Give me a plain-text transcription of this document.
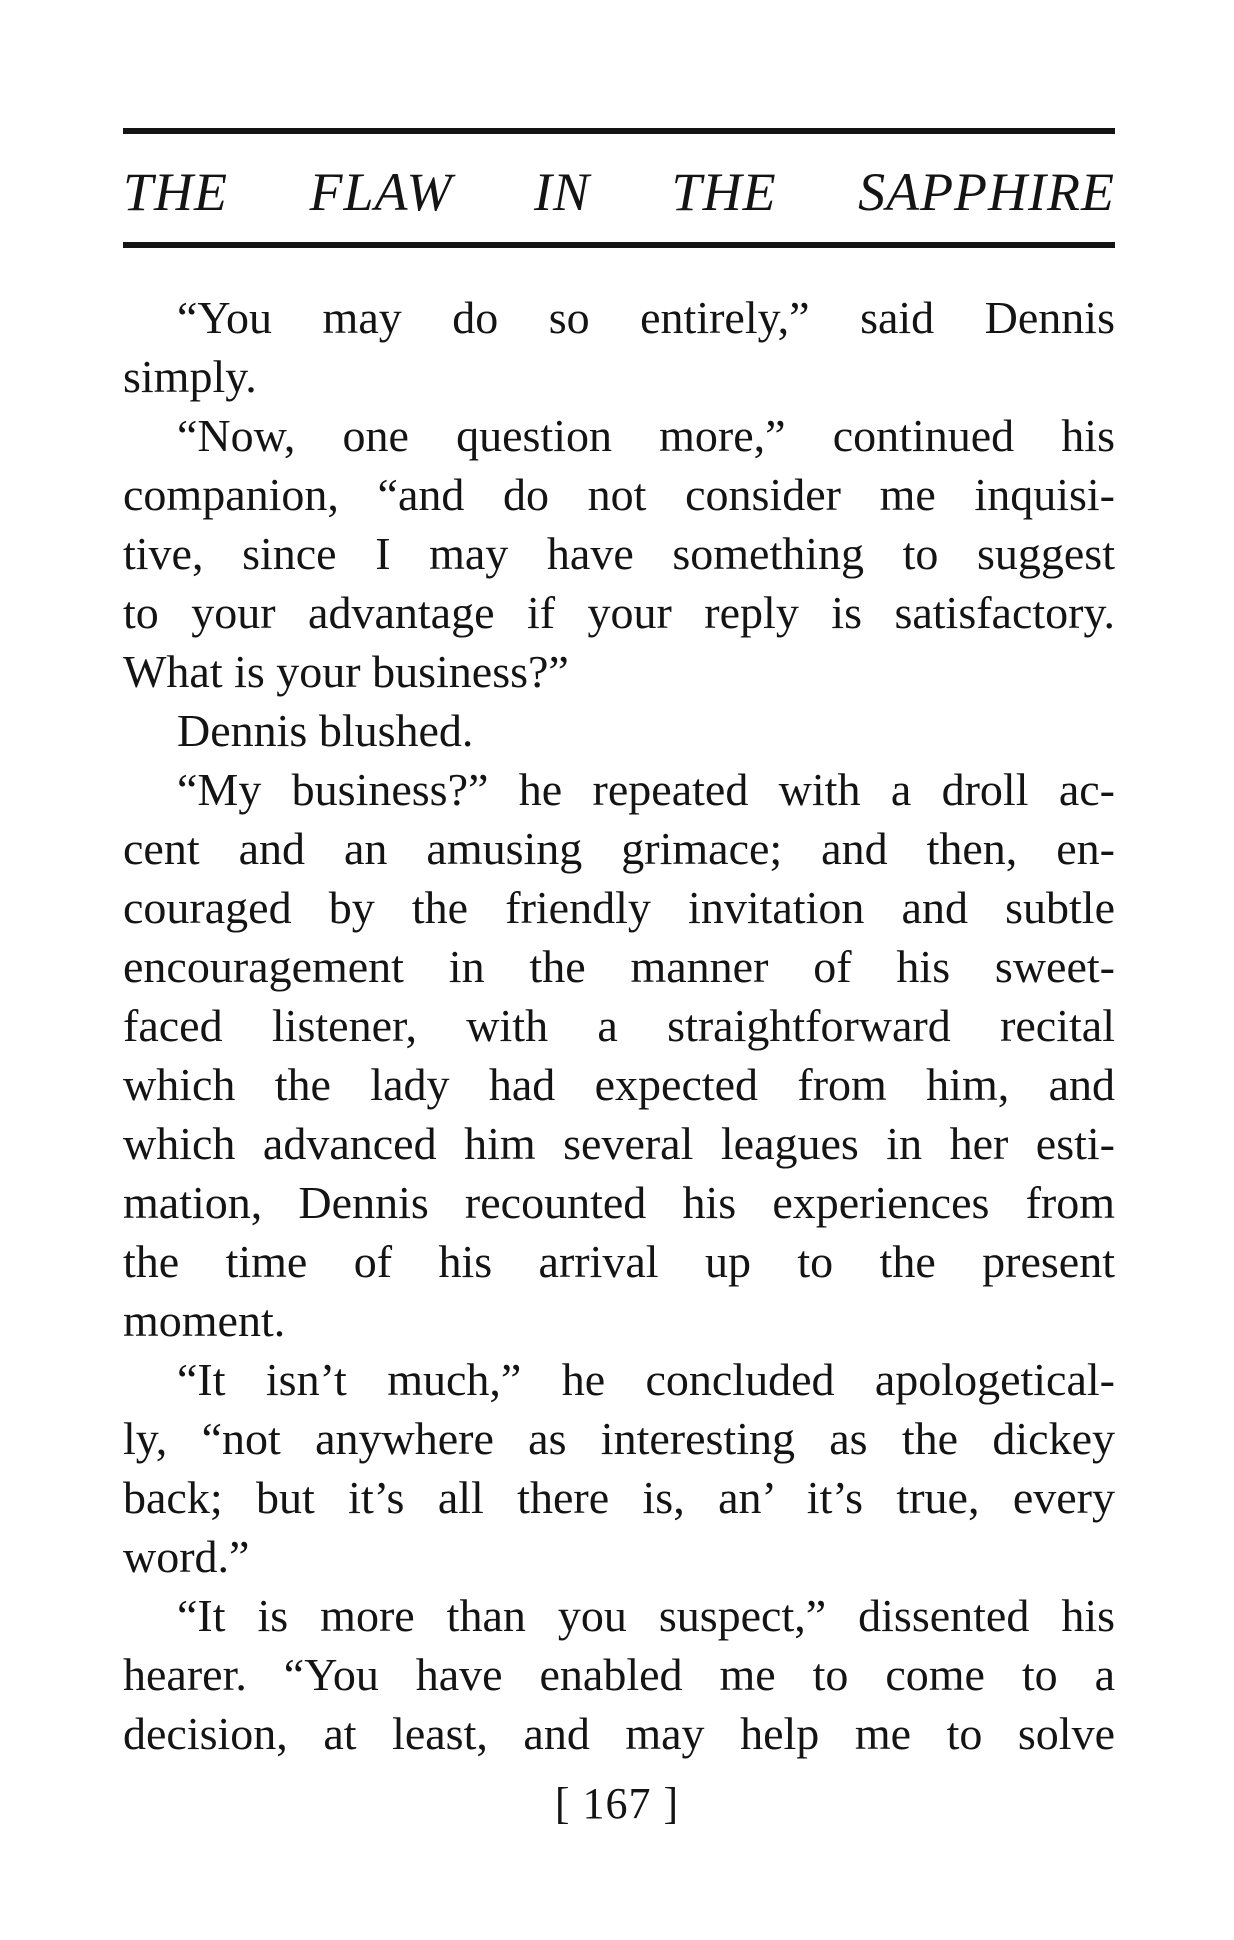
THE FLAW IN THE SAPPHIRE
“You may do so entirely,” said Dennis
simply.
“Now, one question more,” continued his
companion, “and do not consider me inquisi-
tive, since I may have something to suggest
to your advantage if your reply is satisfactory.
What is your business?”
Dennis blushed.
“My business?” he repeated with a droll ac-
cent and an amusing grimace; and then, en-
couraged by the friendly invitation and subtle
encouragement in the manner of his sweet-
faced listener, with a straightforward recital
which the lady had expected from him, and
which advanced him several leagues in her esti-
mation, Dennis recounted his experiences from
the time of his arrival up to the present
moment.
“It isn’t much,” he concluded apologetical-
ly, “not anywhere as interesting as the dickey
back; but it’s all there is, an’ it’s true, every
word.”
“It is more than you suspect,” dissented his
hearer. “You have enabled me to come to a
decision, at least, and may help me to solve
[ 167 ]
